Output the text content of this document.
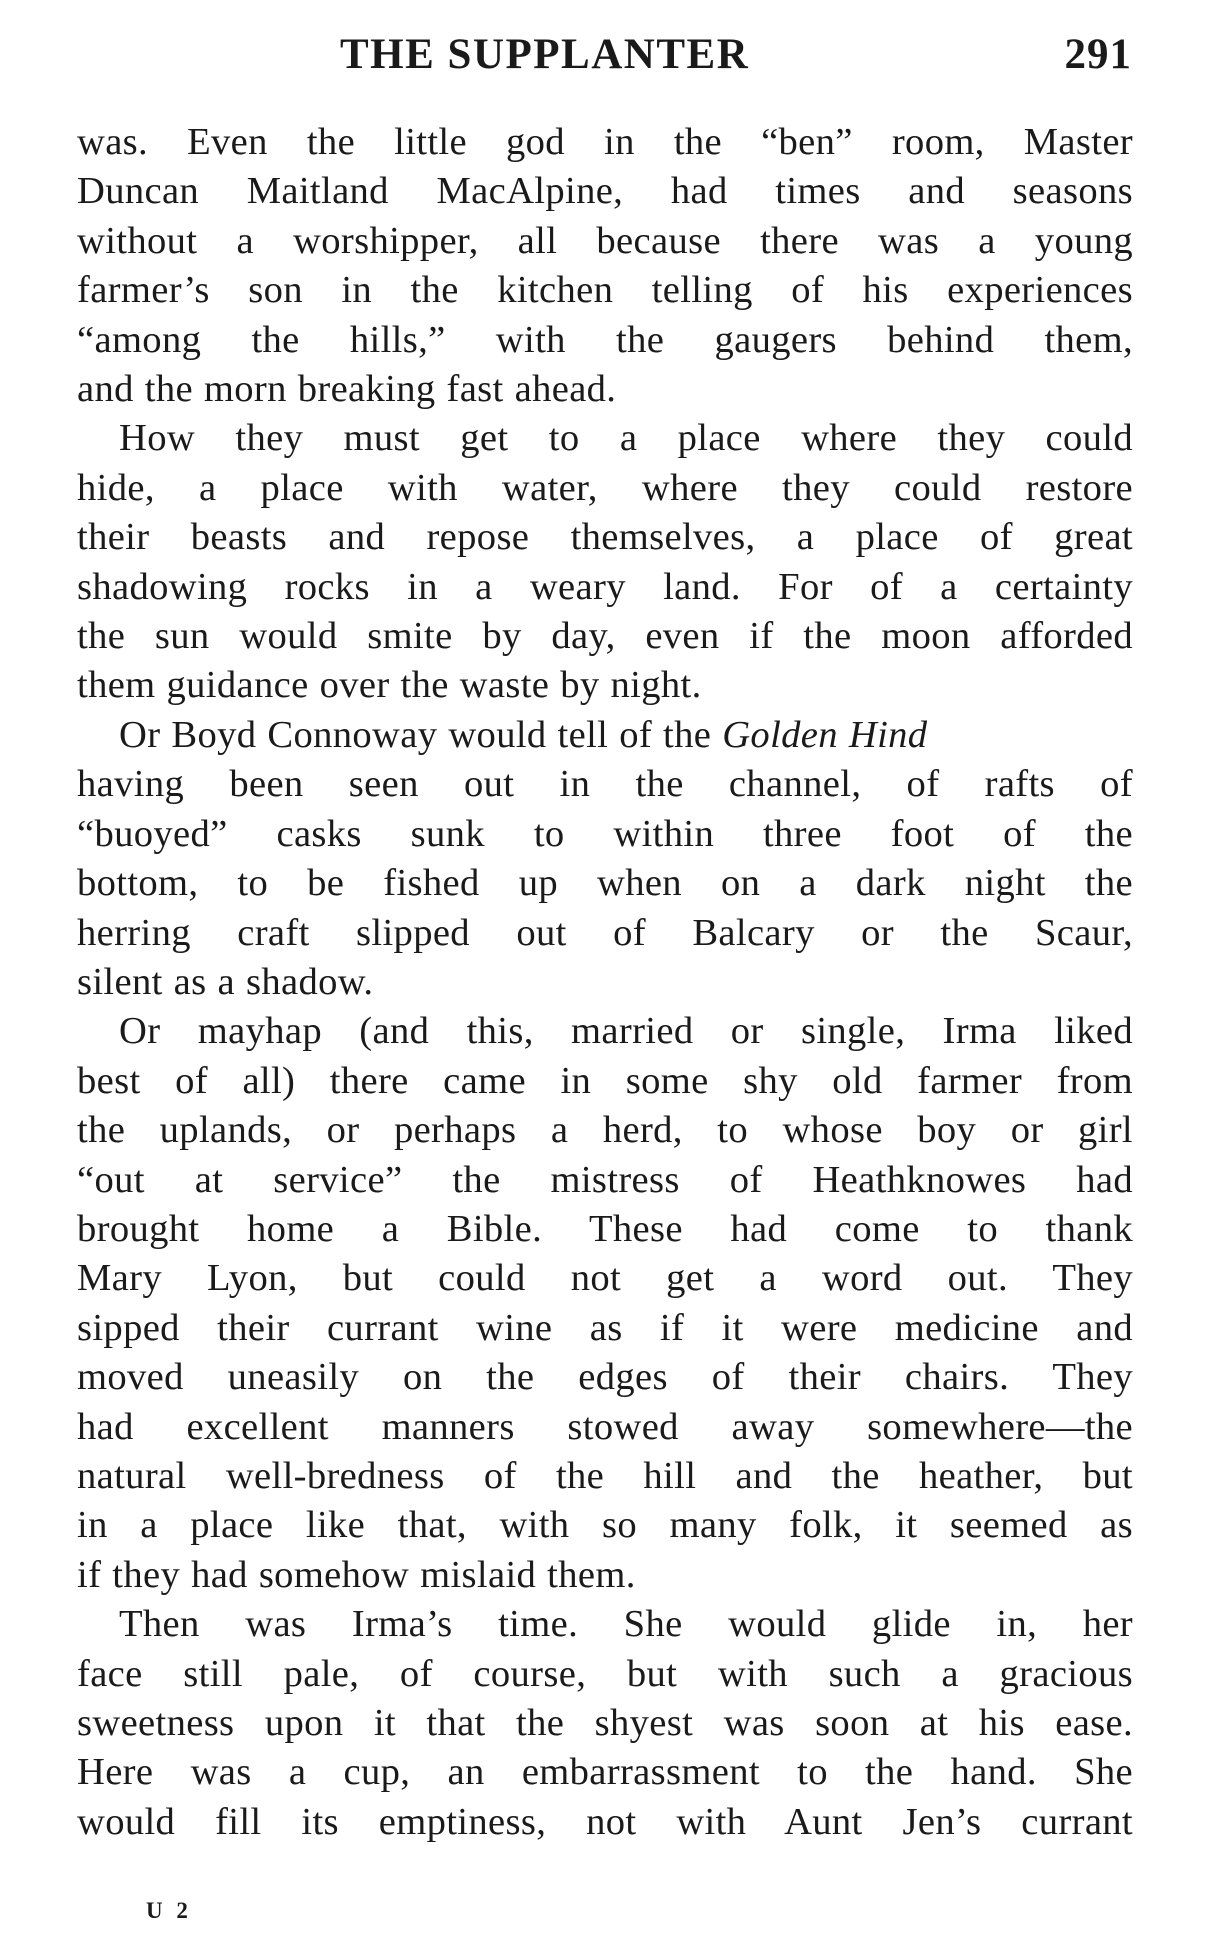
THE SUPPLANTER	291

was. Even the little god in the “ben” room, Master
Duncan Maitland MacAlpine, had times and seasons
without a worshipper, all because there was a young
farmer’s son in the kitchen telling of his experiences
“among the hills,” with the gaugers behind them,
and the morn breaking fast ahead.

How they must get to a place where they could
hide, a place with water, where they could restore
their beasts and repose themselves, a place of great
shadowing rocks in a weary land. For of a certainty
the sun would smite by day, even if the moon afforded
them guidance over the waste by night.

Or Boyd Connoway would tell of the Golden Hind
having been seen out in the channel, of rafts of
“buoyed” casks sunk to within three foot of the
bottom, to be fished up when on a dark night the
herring craft slipped out of Balcary or the Scaur,
silent as a shadow.

Or mayhap (and this, married or single, Irma liked
best of all) there came in some shy old farmer from
the uplands, or perhaps a herd, to whose boy or girl
“out at service” the mistress of Heathknowes had
brought home a Bible. These had come to thank
Mary Lyon, but could not get a word out. They
sipped their currant wine as if it were medicine and
moved uneasily on the edges of their chairs. They
had excellent manners stowed away somewhere—the
natural well-bredness of the hill and the heather, but
in a place like that, with so many folk, it seemed as
if they had somehow mislaid them.

Then was Irma’s time. She would glide in, her
face still pale, of course, but with such a gracious
sweetness upon it that the shyest was soon at his ease.
Here was a cup, an embarrassment to the hand. She
would fill its emptiness, not with Aunt Jen’s currant

U 2
